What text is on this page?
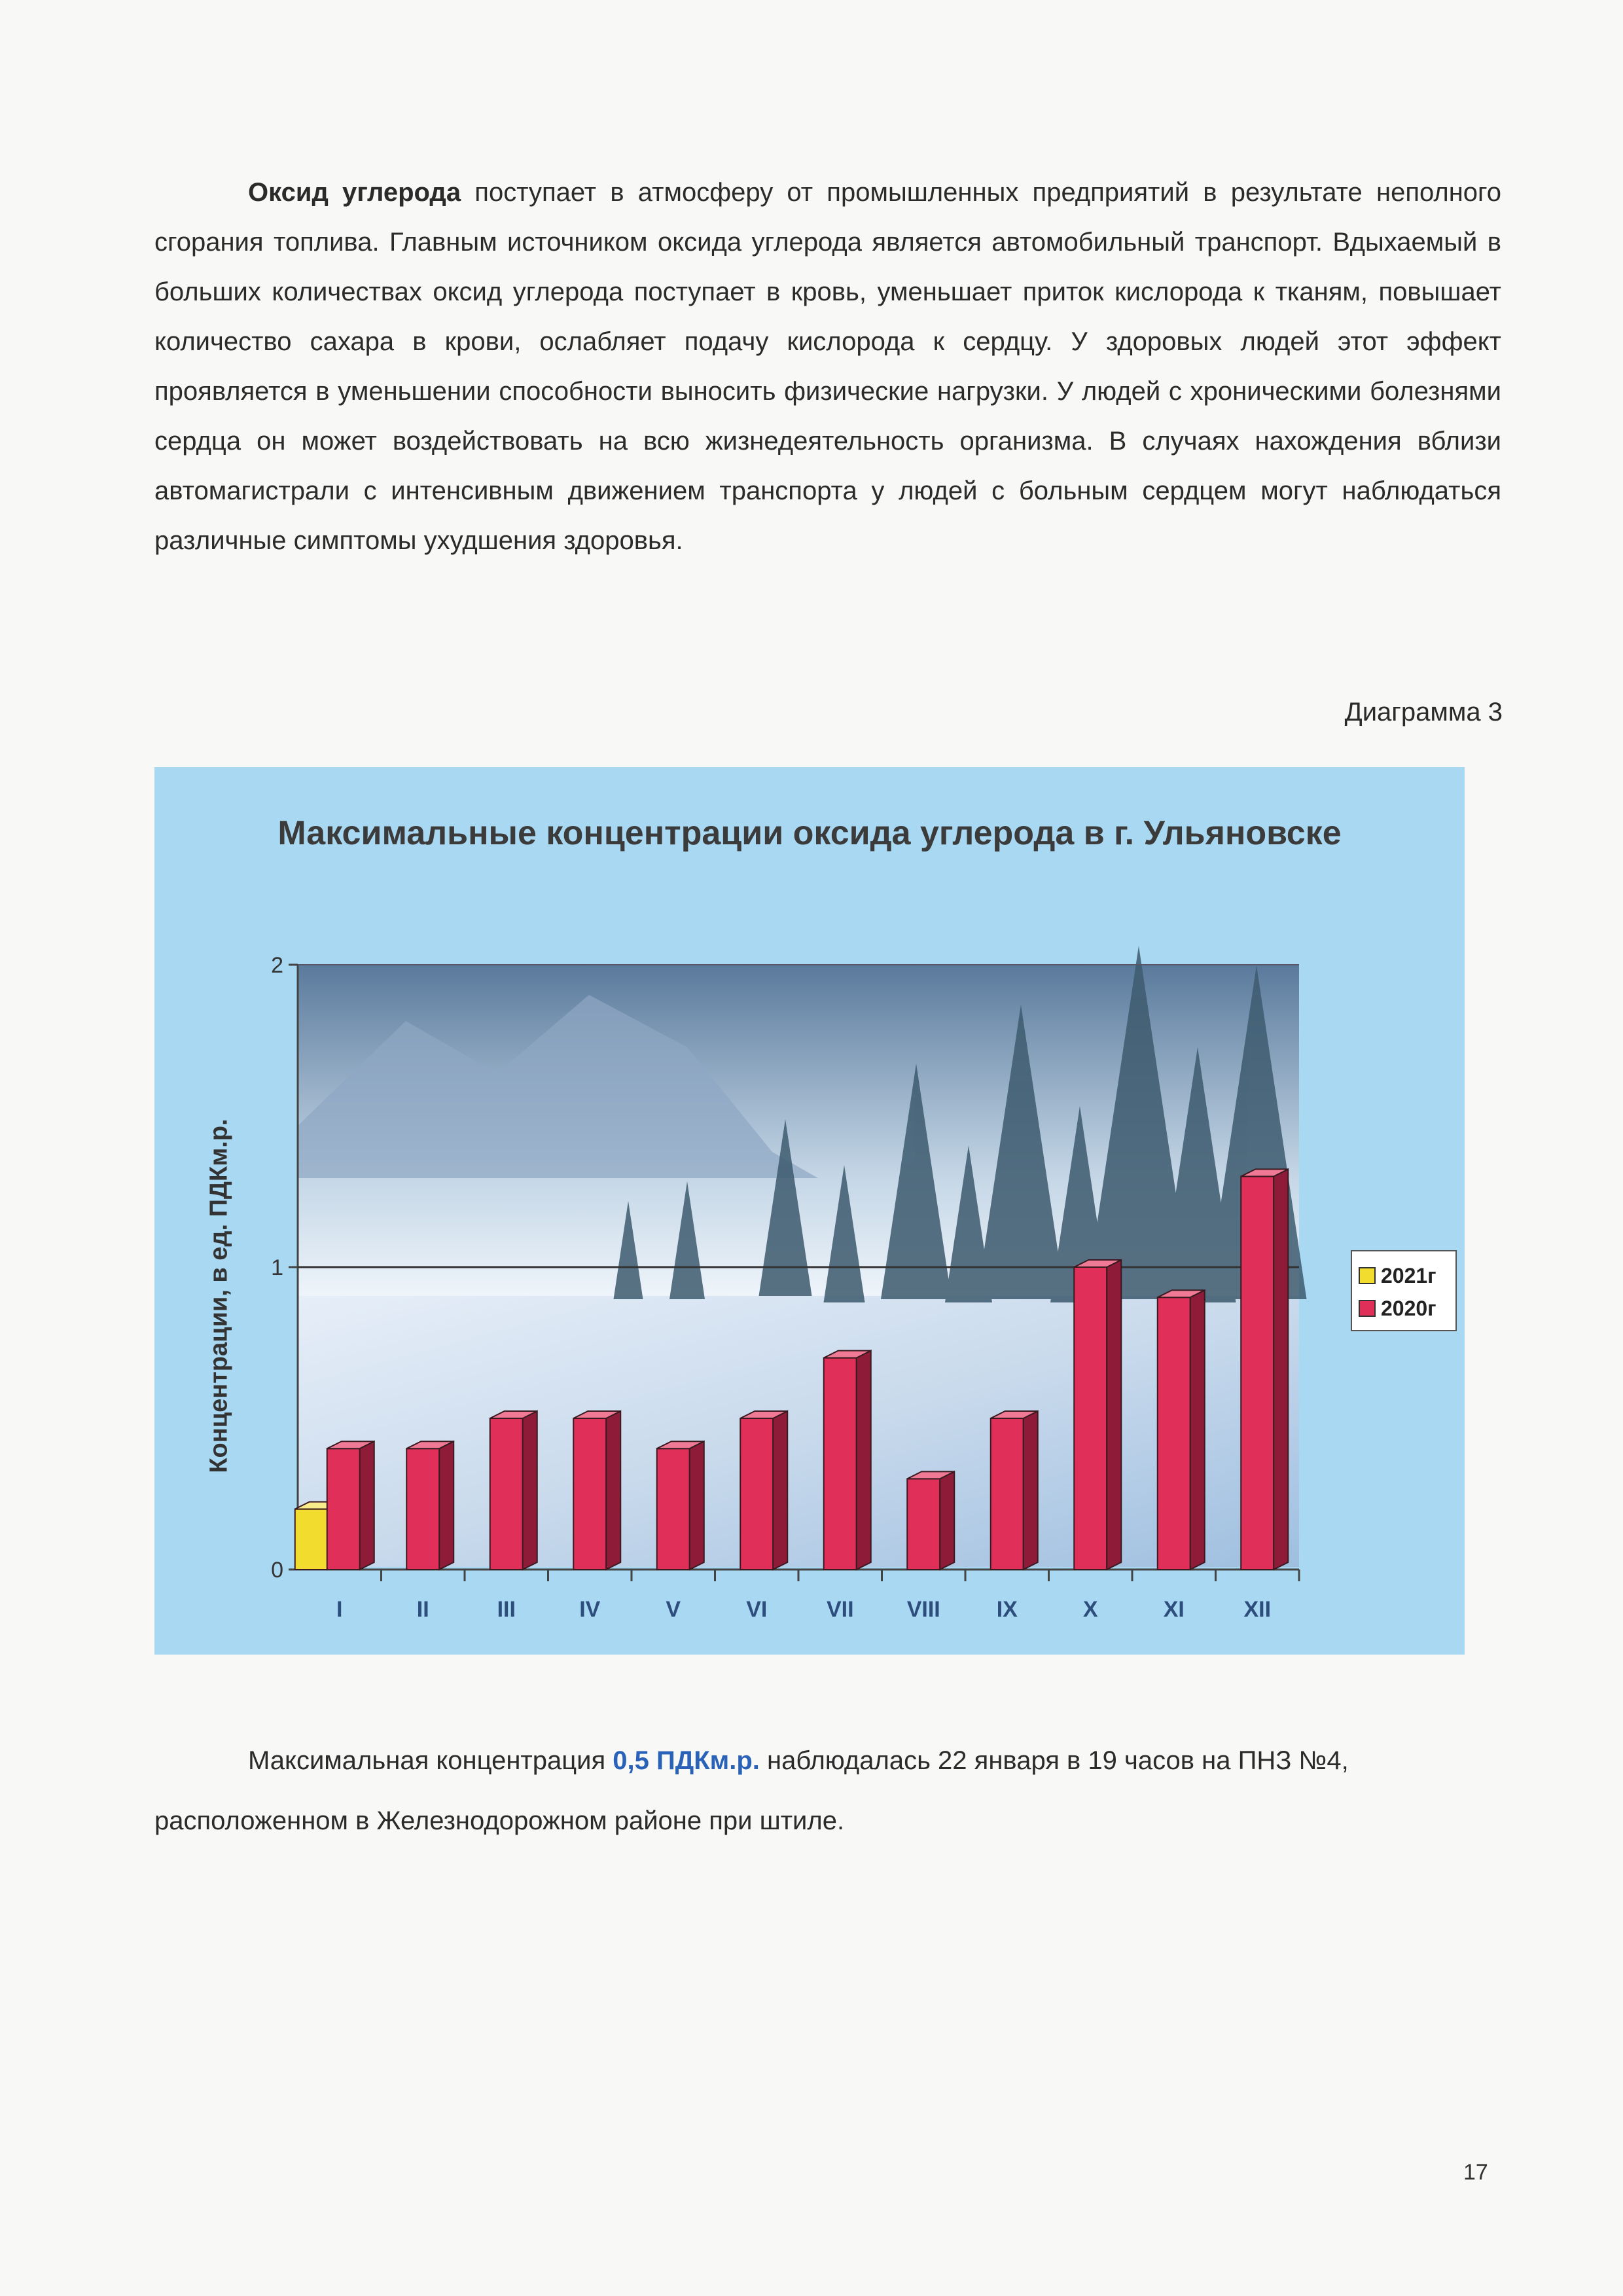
Оксид углерода поступает в атмосферу от промышленных предприятий в результате неполного сгорания топлива. Главным источником оксида углерода является автомобильный транспорт. Вдыхаемый в больших количествах оксид углерода поступает в кровь, уменьшает приток кислорода к тканям, повышает количество сахара в крови, ослабляет подачу кислорода к сердцу. У здоровых людей этот эффект проявляется в уменьшении способности выносить физические нагрузки. У людей с хроническими болезнями сердца он может воздействовать на всю жизнедеятельность организма. В случаях нахождения вблизи автомагистрали с интенсивным движением транспорта у людей с больным сердцем могут наблюдаться различные симптомы ухудшения здоровья.

Диаграмма 3

Максимальные концентрации оксида углерода в г. Ульяновске

0
1
2
I	II	III	IV	V	VI	VII VIII	IX	X	XI	XII
Концентрации, в ед. ПДКм.р.	2021г
2020г

Максимальная концентрация 0,5 ПДКм.р. наблюдалась 22 января в 19 часов на ПНЗ №4, расположенном в Железнодорожном районе при штиле.

17
